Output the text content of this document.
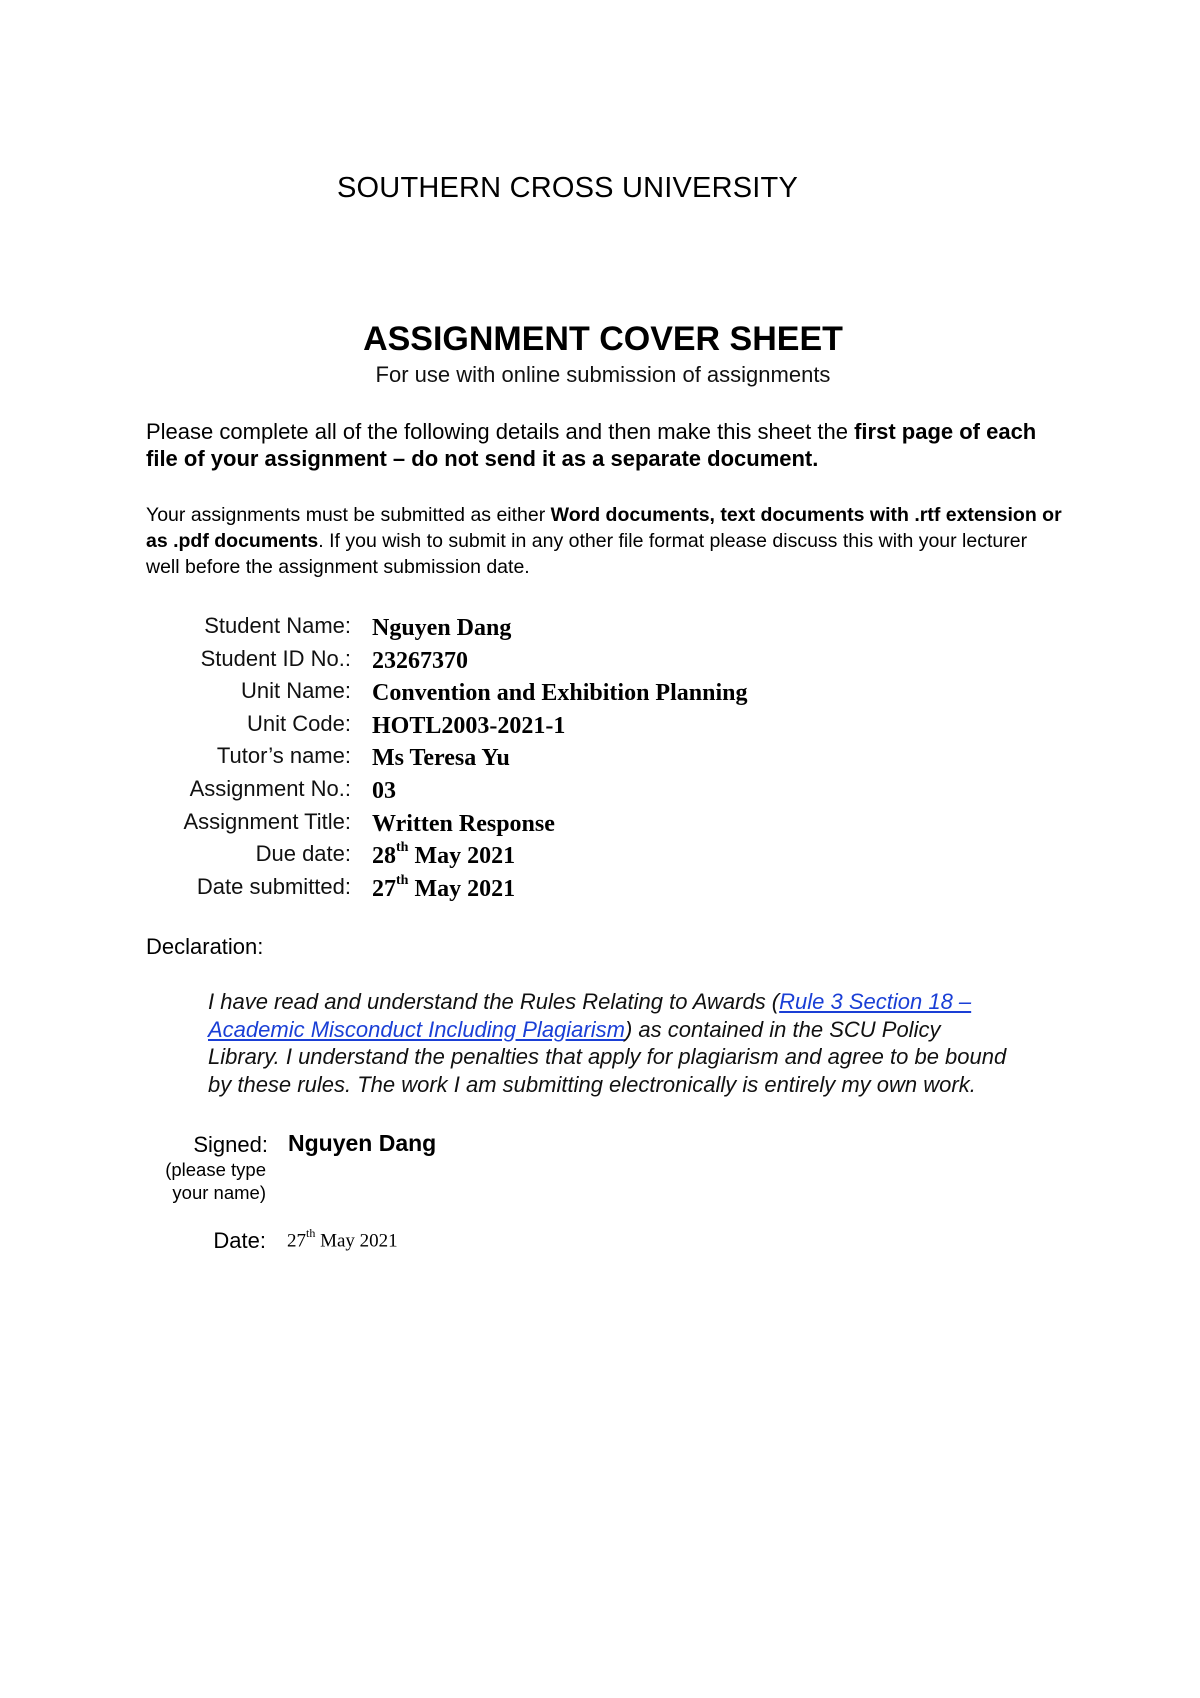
SOUTHERN CROSS UNIVERSITY
ASSIGNMENT COVER SHEET
For use with online submission of assignments
Please complete all of the following details and then make this sheet the first page of each file of your assignment – do not send it as a separate document.
Your assignments must be submitted as either Word documents, text documents with .rtf extension or as .pdf documents. If you wish to submit in any other file format please discuss this with your lecturer well before the assignment submission date.
Student Name: Nguyen Dang
Student ID No.: 23267370
Unit Name: Convention and Exhibition Planning
Unit Code: HOTL2003-2021-1
Tutor’s name: Ms Teresa Yu
Assignment No.: 03
Assignment Title: Written Response
Due date: 28th May 2021
Date submitted: 27th May 2021
Declaration:
I have read and understand the Rules Relating to Awards (Rule 3 Section 18 – Academic Misconduct Including Plagiarism) as contained in the SCU Policy Library. I understand the penalties that apply for plagiarism and agree to be bound by these rules. The work I am submitting electronically is entirely my own work.
Signed:
(please type your name)
Nguyen Dang
Date: 27th May 2021
